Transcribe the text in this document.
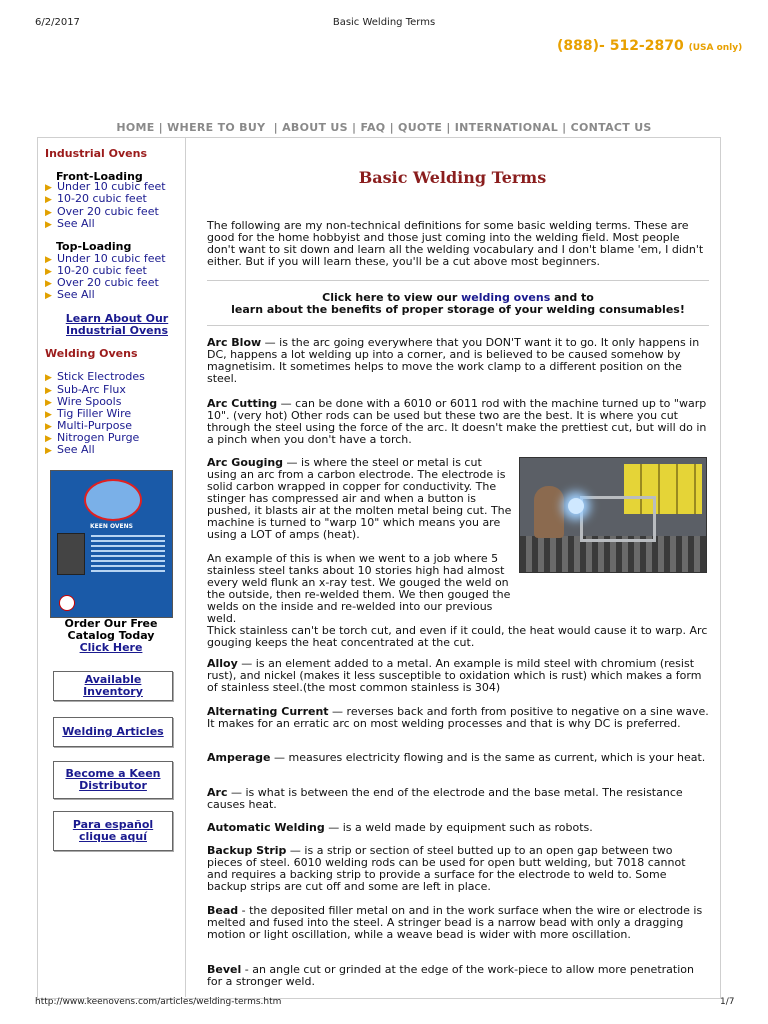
6/2/2017	Basic Welding Terms
(888)- 512-2870 (USA only)
HOME | WHERE TO BUY  | ABOUT US | FAQ | QUOTE | INTERNATIONAL | CONTACT US
Industrial Ovens
Front-Loading
▶ Under 10 cubic feet
▶ 10-20 cubic feet
▶ Over 20 cubic feet
▶ See All
Top-Loading
▶ Under 10 cubic feet
▶ 10-20 cubic feet
▶ Over 20 cubic feet
▶ See All
Learn About Our Industrial Ovens
Welding Ovens
▶ Stick Electrodes
▶ Sub-Arc Flux
▶ Wire Spools
▶ Tig Filler Wire
▶ Multi-Purpose
▶ Nitrogen Purge
▶ See All
KEEN OVENS
Order Our Free
Catalog Today
Click Here
Available Inventory
Welding Articles
Become a Keen Distributor
Para español clique aquí
Basic Welding Terms
The following are my non-technical definitions for some basic welding terms. These are good for the home hobbyist and those just coming into the welding field. Most people don't want to sit down and learn all the welding vocabulary and I don't blame 'em, I didn't either. But if you will learn these, you'll be a cut above most beginners.
Click here to view our welding ovens and to
learn about the benefits of proper storage of your welding consumables!
Arc Blow — is the arc going everywhere that you DON'T want it to go. It only happens in DC, happens a lot welding up into a corner, and is believed to be caused somehow by magnetisim. It sometimes helps to move the work clamp to a different position on the steel.
Arc Cutting — can be done with a 6010 or 6011 rod with the machine turned up to "warp 10". (very hot) Other rods can be used but these two are the best. It is where you cut through the steel using the force of the arc. It doesn't make the prettiest cut, but will do in a pinch when you don't have a torch.
Arc Gouging — is where the steel or metal is cut using an arc from a carbon electrode. The electrode is solid carbon wrapped in copper for conductivity. The stinger has compressed air and when a button is pushed, it blasts air at the molten metal being cut. The machine is turned to "warp 10" which means you are using a LOT of amps (heat).
An example of this is when we went to a job where 5 stainless steel tanks about 10 stories high had almost every weld flunk an x-ray test. We gouged the weld on the outside, then re-welded them. We then gouged the welds on the inside and re-welded into our previous weld.
Thick stainless can't be torch cut, and even if it could, the heat would cause it to warp. Arc gouging keeps the heat concentrated at the cut.
Alloy — is an element added to a metal. An example is mild steel with chromium (resist rust), and nickel (makes it less susceptible to oxidation which is rust) which makes a form of stainless steel.(the most common stainless is 304)
Alternating Current — reverses back and forth from positive to negative on a sine wave. It makes for an erratic arc on most welding processes and that is why DC is preferred.
Amperage — measures electricity flowing and is the same as current, which is your heat.
Arc — is what is between the end of the electrode and the base metal. The resistance causes heat.
Automatic Welding — is a weld made by equipment such as robots.
Backup Strip — is a strip or section of steel butted up to an open gap between two pieces of steel. 6010 welding rods can be used for open butt welding, but 7018 cannot and requires a backing strip to provide a surface for the electrode to weld to. Some backup strips are cut off and some are left in place.
Bead - the deposited filler metal on and in the work surface when the wire or electrode is melted and fused into the steel. A stringer bead is a narrow bead with only a dragging motion or light oscillation, while a weave bead is wider with more oscillation.
Bevel - an angle cut or grinded at the edge of the work-piece to allow more penetration for a stronger weld.
http://www.keenovens.com/articles/welding-terms.htm	1/7
